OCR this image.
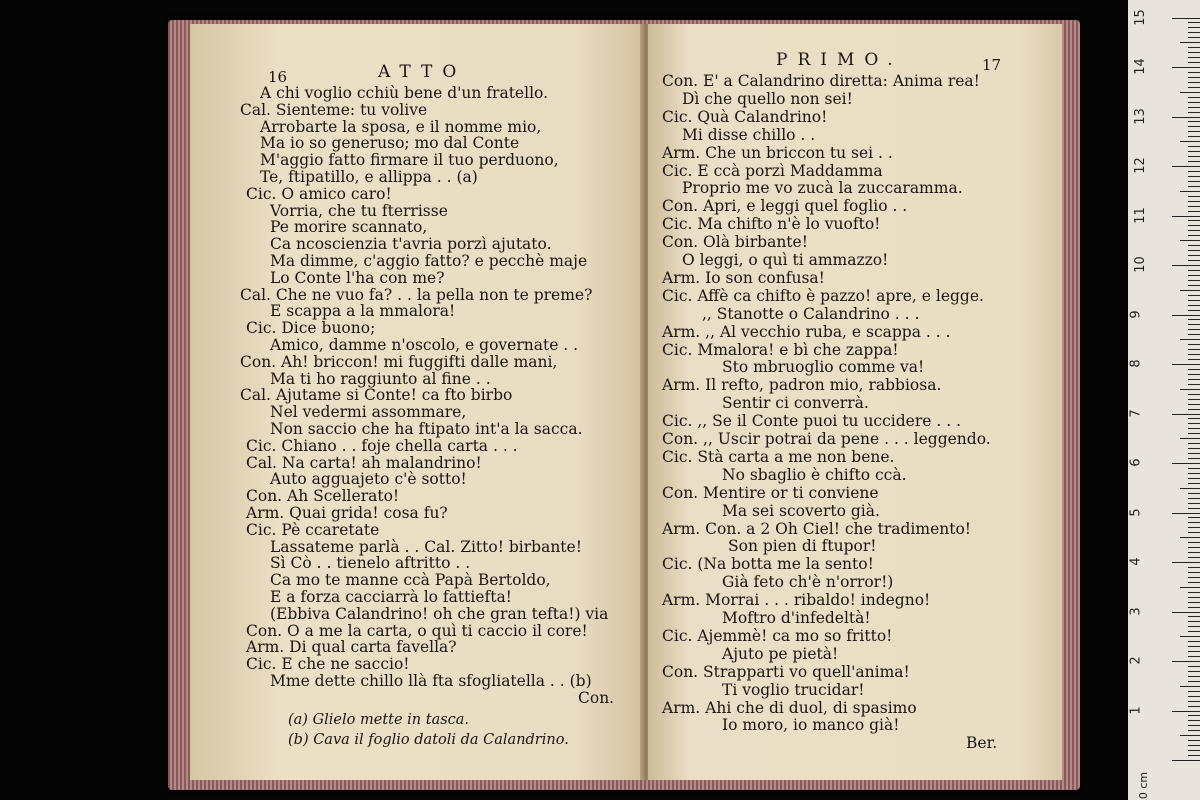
16	ATTO
A chi voglio cchiù bene d'un fratello.
Cal. Sienteme: tu volive
Arrobarte la sposa, e il nomme mio,
Ma io so generuso; mo dal Conte
M'aggio fatto firmare il tuo perduono,
Te, ftipatillo, e allippa . . (a)
Cic. O amico caro!
Vorria, che tu fterrisse
Pe morire scannato,
Ca ncoscienzia t'avria porzì ajutato.
Ma dimme, c'aggio fatto? e pecchè maje
Lo Conte l'ha con me?
Cal. Che ne vuo fa? . . la pella non te preme?
E scappa a la mmalora!
Cic. Dice buono;
Amico, damme n'oscolo, e governate . .
Con. Ah! briccon! mi fuggifti dalle mani,
Ma ti ho raggiunto al fine . .
Cal. Ajutame si Conte! ca fto birbo
Nel vedermi assommare,
Non saccio che ha ftipato int'a la sacca.
Cic. Chiano . . foje chella carta . . .
Cal. Na carta! ah malandrino!
Auto agguajeto c'è sotto!
Con. Ah Scellerato!
Arm. Quai grida! cosa fu?
Cic. Pè ccaretate
Lassateme parlà . . Cal. Zitto! birbante!
Sì Cò . . tienelo aftritto . .
Ca mo te manne ccà Papà Bertoldo,
E a forza cacciarrà lo fattiefta!
(Ebbiva Calandrino! oh che gran tefta!) via
Con. O a me la carta, o quì ti caccio il core!
Arm. Di qual carta favella?
Cic. E che ne saccio!
Mme dette chillo llà fta sfogliatella . . (b)
Con.
(a) Glielo mette in tasca.
(b) Cava il foglio datoli da Calandrino.
PRIMO.	17
Con. E' a Calandrino diretta: Anima rea!
Dì che quello non sei!
Cic. Quà Calandrino!
Mi disse chillo . .
Arm. Che un briccon tu sei . .
Cic. E ccà porzì Maddamma
Proprio me vo zucà la zuccaramma.
Con. Apri, e leggi quel foglio . .
Cic. Ma chifto n'è lo vuofto!
Con. Olà birbante!
O leggi, o quì ti ammazzo!
Arm. Io son confusa!
Cic. Affè ca chifto è pazzo! apre, e legge.
,, Stanotte o Calandrino . . .
Arm. ,, Al vecchio ruba, e scappa . . .
Cic. Mmalora! e bì che zappa!
Sto mbruoglio comme va!
Arm. Il refto, padron mio, rabbiosa.
Sentir ci converrà.
Cic. ,, Se il Conte puoi tu uccidere . . .
Con. ,, Uscir potrai da pene . . . leggendo.
Cic. Stà carta a me non bene.
No sbaglio è chifto ccà.
Con. Mentire or ti conviene
Ma sei scoverto già.
Arm. Con. a 2 Oh Ciel! che tradimento!
Son pien di ftupor!
Cic. (Na botta me la sento!
Già feto ch'è n'orror!)
Arm. Morrai . . . ribaldo! indegno!
Moftro d'infedeltà!
Cic. Ajemmè! ca mo so fritto!
Ajuto pe pietà!
Con. Strapparti vo quell'anima!
Ti voglio trucidar!
Arm. Ahi che di duol, di spasimo
Io moro, io manco già!
Ber.
1
2
3
4
5
6
7
8
9
10
11
12
13
14
15
0 cm
